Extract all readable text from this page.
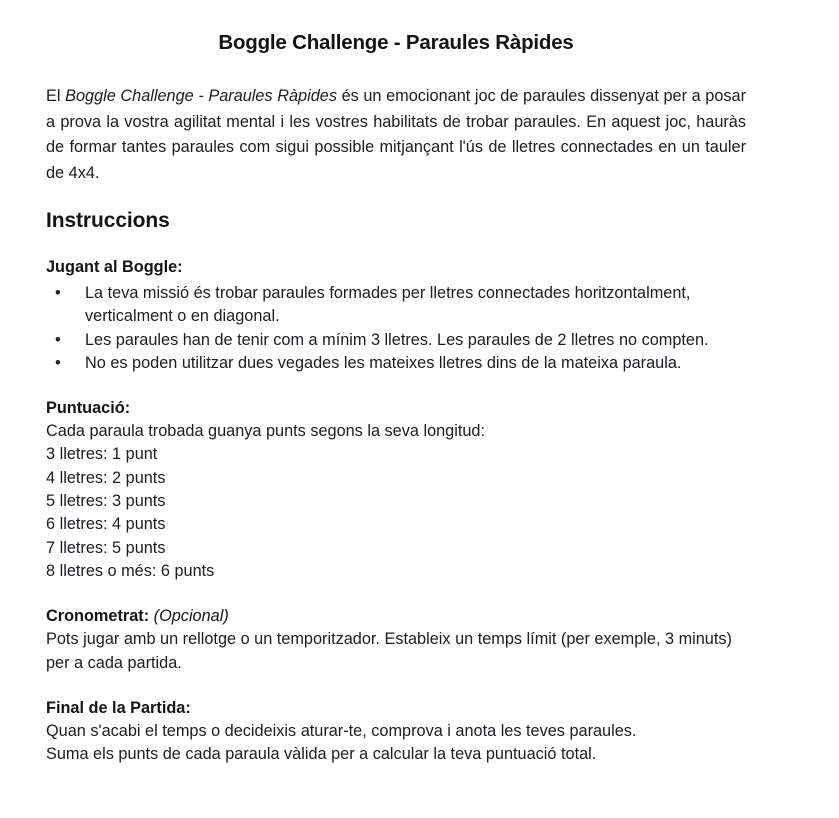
Boggle Challenge - Paraules Ràpides

El Boggle Challenge - Paraules Ràpides és un emocionant joc de paraules dissenyat per a posar a prova la vostra agilitat mental i les vostres habilitats de trobar paraules. En aquest joc, hauràs de formar tantes paraules com sigui possible mitjançant l'ús de lletres connectades en un tauler de 4x4.

Instruccions
Jugant al Boggle:
• La teva missió és trobar paraules formades per lletres connectades horitzontalment, verticalment o en diagonal.
• Les paraules han de tenir com a mínim 3 lletres. Les paraules de 2 lletres no compten.
• No es poden utilitzar dues vegades les mateixes lletres dins de la mateixa paraula.
Puntuació:

Cada paraula trobada guanya punts segons la seva longitud:

3 lletres: 1 punt

4 lletres: 2 punts

5 lletres: 3 punts

6 lletres: 4 punts

7 lletres: 5 punts

8 lletres o més: 6 punts

Cronometrat: (Opcional)

Pots jugar amb un rellotge o un temporitzador. Estableix un temps límit (per exemple, 3 minuts) per a cada partida.

Final de la Partida:

Quan s'acabi el temps o decideixis aturar-te, comprova i anota les teves paraules.

Suma els punts de cada paraula vàlida per a calcular la teva puntuació total.
